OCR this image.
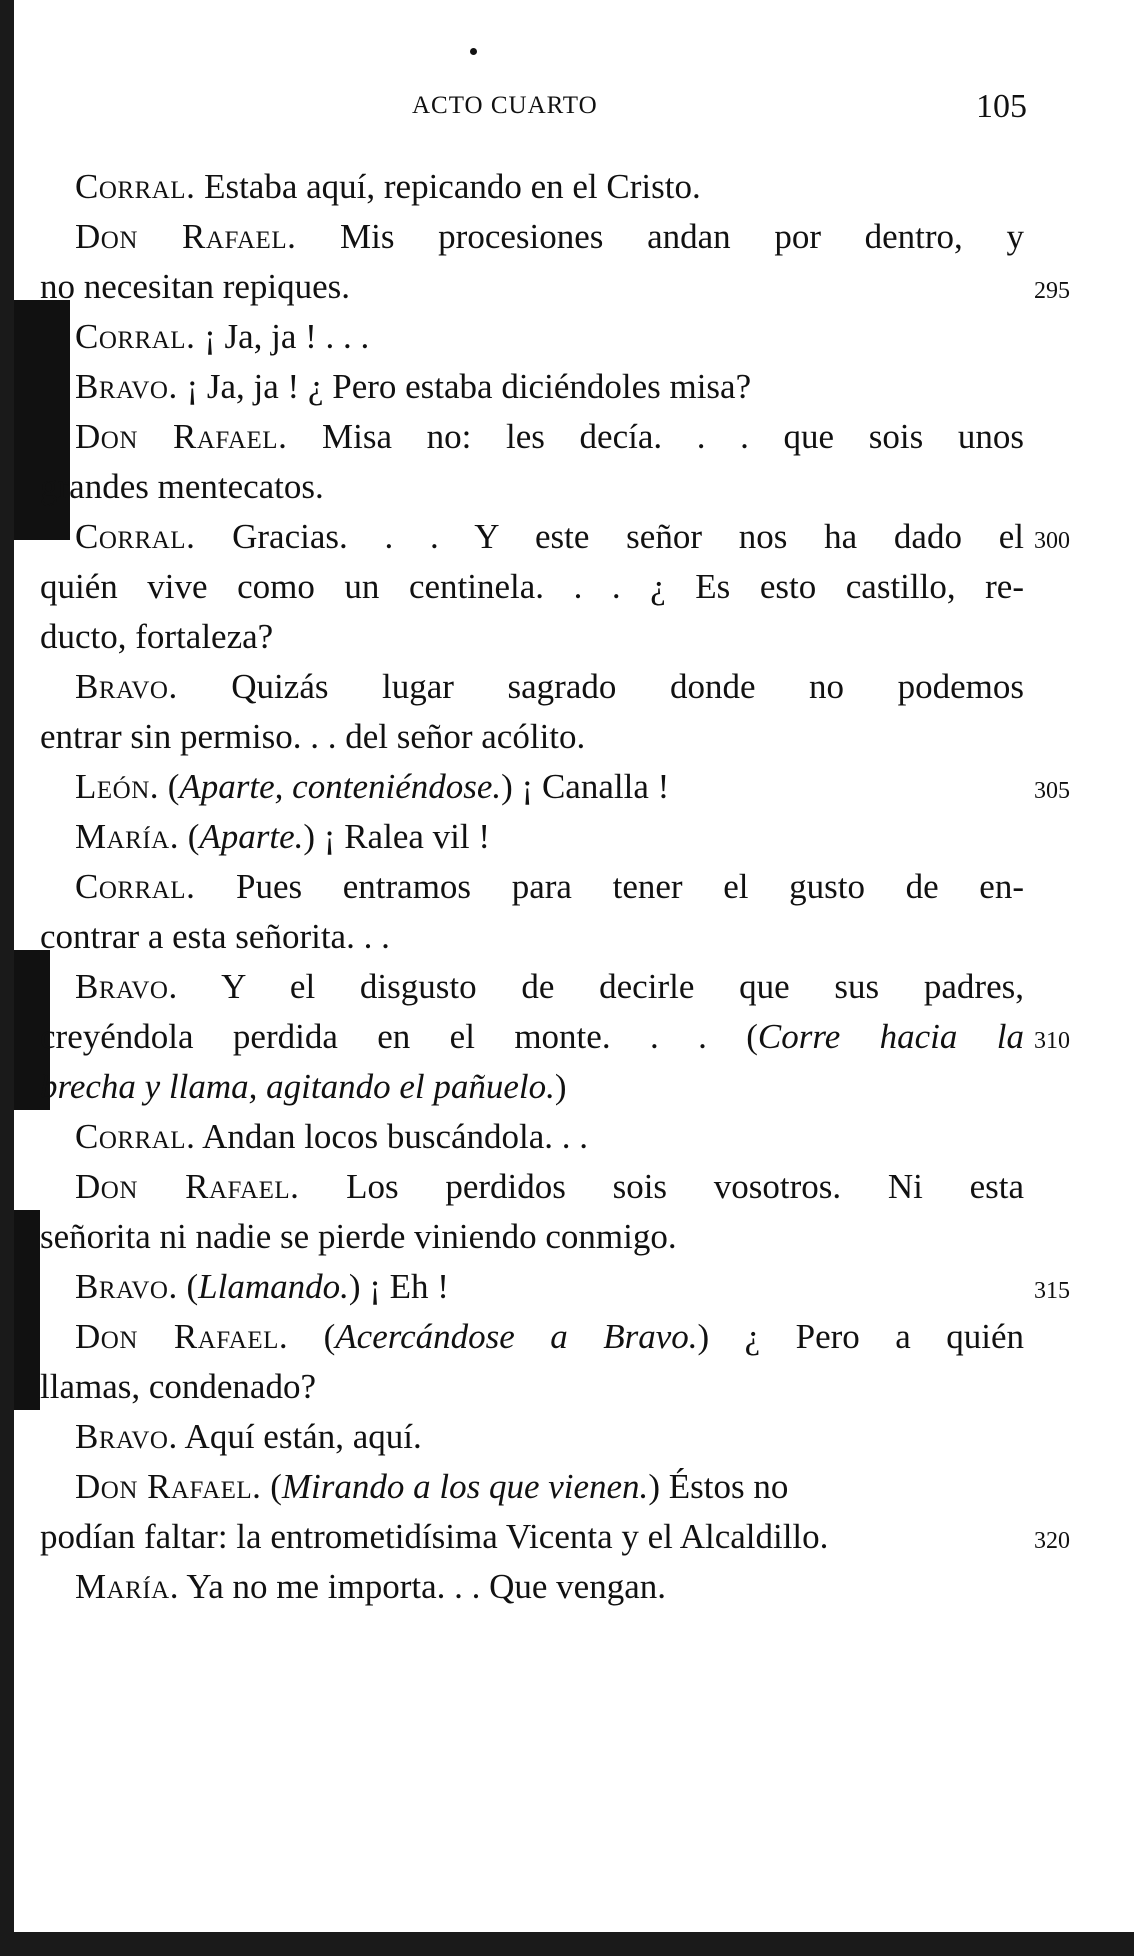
ACTO CUARTO	105
Corral. Estaba aquí, repicando en el Cristo.
Don Rafael. Mis procesiones andan por dentro, y
no necesitan repiques.	295
Corral. ¡ Ja, ja ! . . .
Bravo. ¡ Ja, ja ! ¿ Pero estaba diciéndoles misa?
Don Rafael. Misa no: les decía. . . que sois unos
grandes mentecatos.
Corral. Gracias. . . Y este señor nos ha dado el 300
quién vive como un centinela. . . ¿ Es esto castillo, re-
ducto, fortaleza?
Bravo. Quizás lugar sagrado donde no podemos
entrar sin permiso. . . del señor acólito.
León. (Aparte, conteniéndose.) ¡ Canalla !	305
María. (Aparte.) ¡ Ralea vil !
Corral. Pues entramos para tener el gusto de en-
contrar a esta señorita. . .
Bravo. Y el disgusto de decirle que sus padres,
creyéndola perdida en el monte. . . (Corre hacia la 310
brecha y llama, agitando el pañuelo.)
Corral. Andan locos buscándola. . .
Don Rafael. Los perdidos sois vosotros. Ni esta
señorita ni nadie se pierde viniendo conmigo.
Bravo. (Llamando.) ¡ Eh !	315
Don Rafael. (Acercándose a Bravo.) ¿ Pero a quién
llamas, condenado?
Bravo. Aquí están, aquí.
Don Rafael. (Mirando a los que vienen.) Éstos no
podían faltar: la entrometidísima Vicenta y el Alcaldillo.	320
María. Ya no me importa. . . Que vengan.
